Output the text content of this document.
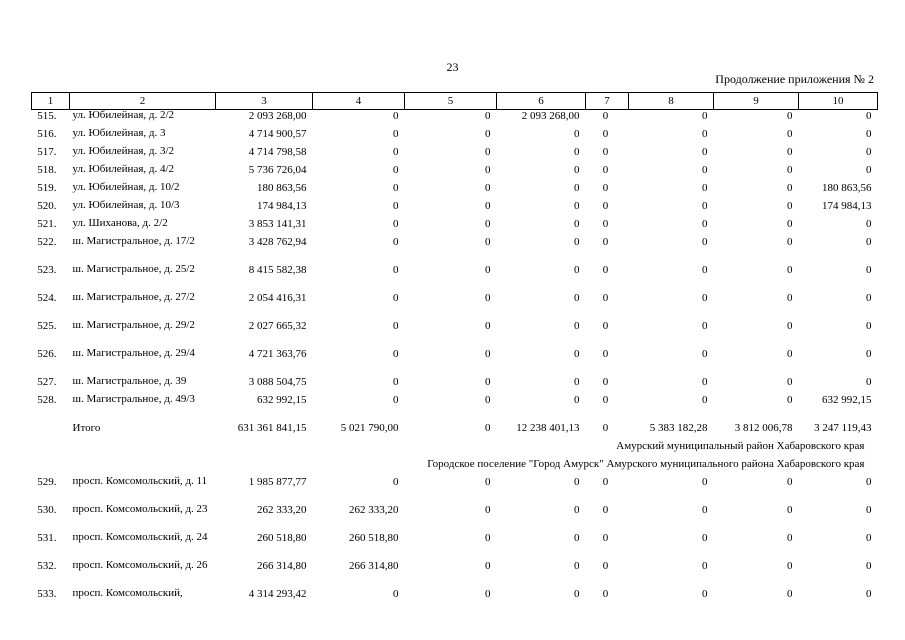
23
Продолжение приложения № 2
1	2	3	4	5	6	7	8	9	10
515.	ул. Юбилейная, д. 2/2	2 093 268,00	0	0	2 093 268,00	0	0	0	0
516.	ул. Юбилейная, д. 3	4 714 900,57	0	0	0	0	0	0	0
517.	ул. Юбилейная, д. 3/2	4 714 798,58	0	0	0	0	0	0	0
518.	ул. Юбилейная, д. 4/2	5 736 726,04	0	0	0	0	0	0	0
519.	ул. Юбилейная, д. 10/2	180 863,56	0	0	0	0	0	0	180 863,56
520.	ул. Юбилейная, д. 10/3	174 984,13	0	0	0	0	0	0	174 984,13
521.	ул. Шиханова, д. 2/2	3 853 141,31	0	0	0	0	0	0	0
522.	ш. Магистральное, д. 17/2	3 428 762,94	0	0	0	0	0	0	0
523.	ш. Магистральное, д. 25/2	8 415 582,38	0	0	0	0	0	0	0
524.	ш. Магистральное, д. 27/2	2 054 416,31	0	0	0	0	0	0	0
525.	ш. Магистральное, д. 29/2	2 027 665,32	0	0	0	0	0	0	0
526.	ш. Магистральное, д. 29/4	4 721 363,76	0	0	0	0	0	0	0
527.	ш. Магистральное, д. 39	3 088 504,75	0	0	0	0	0	0	0
528.	ш. Магистральное, д. 49/3	632 992,15	0	0	0	0	0	0	632 992,15
	Итого	631 361 841,15	5 021 790,00	0	12 238 401,13	0	5 383 182,28	3 812 006,78	3 247 119,43
Амурский муниципальный район Хабаровского края									
Городское поселение "Город Амурск" Амурского муниципального района Хабаровского края									
529.	просп. Комсомольский, д. 11	1 985 877,77	0	0	0	0	0	0	0
530.	просп. Комсомольский, д. 23	262 333,20	262 333,20	0	0	0	0	0	0
531.	просп. Комсомольский, д. 24	260 518,80	260 518,80	0	0	0	0	0	0
532.	просп. Комсомольский, д. 26	266 314,80	266 314,80	0	0	0	0	0	0
533.	просп. Комсомольский,	4 314 293,42	0	0	0	0	0	0	0
